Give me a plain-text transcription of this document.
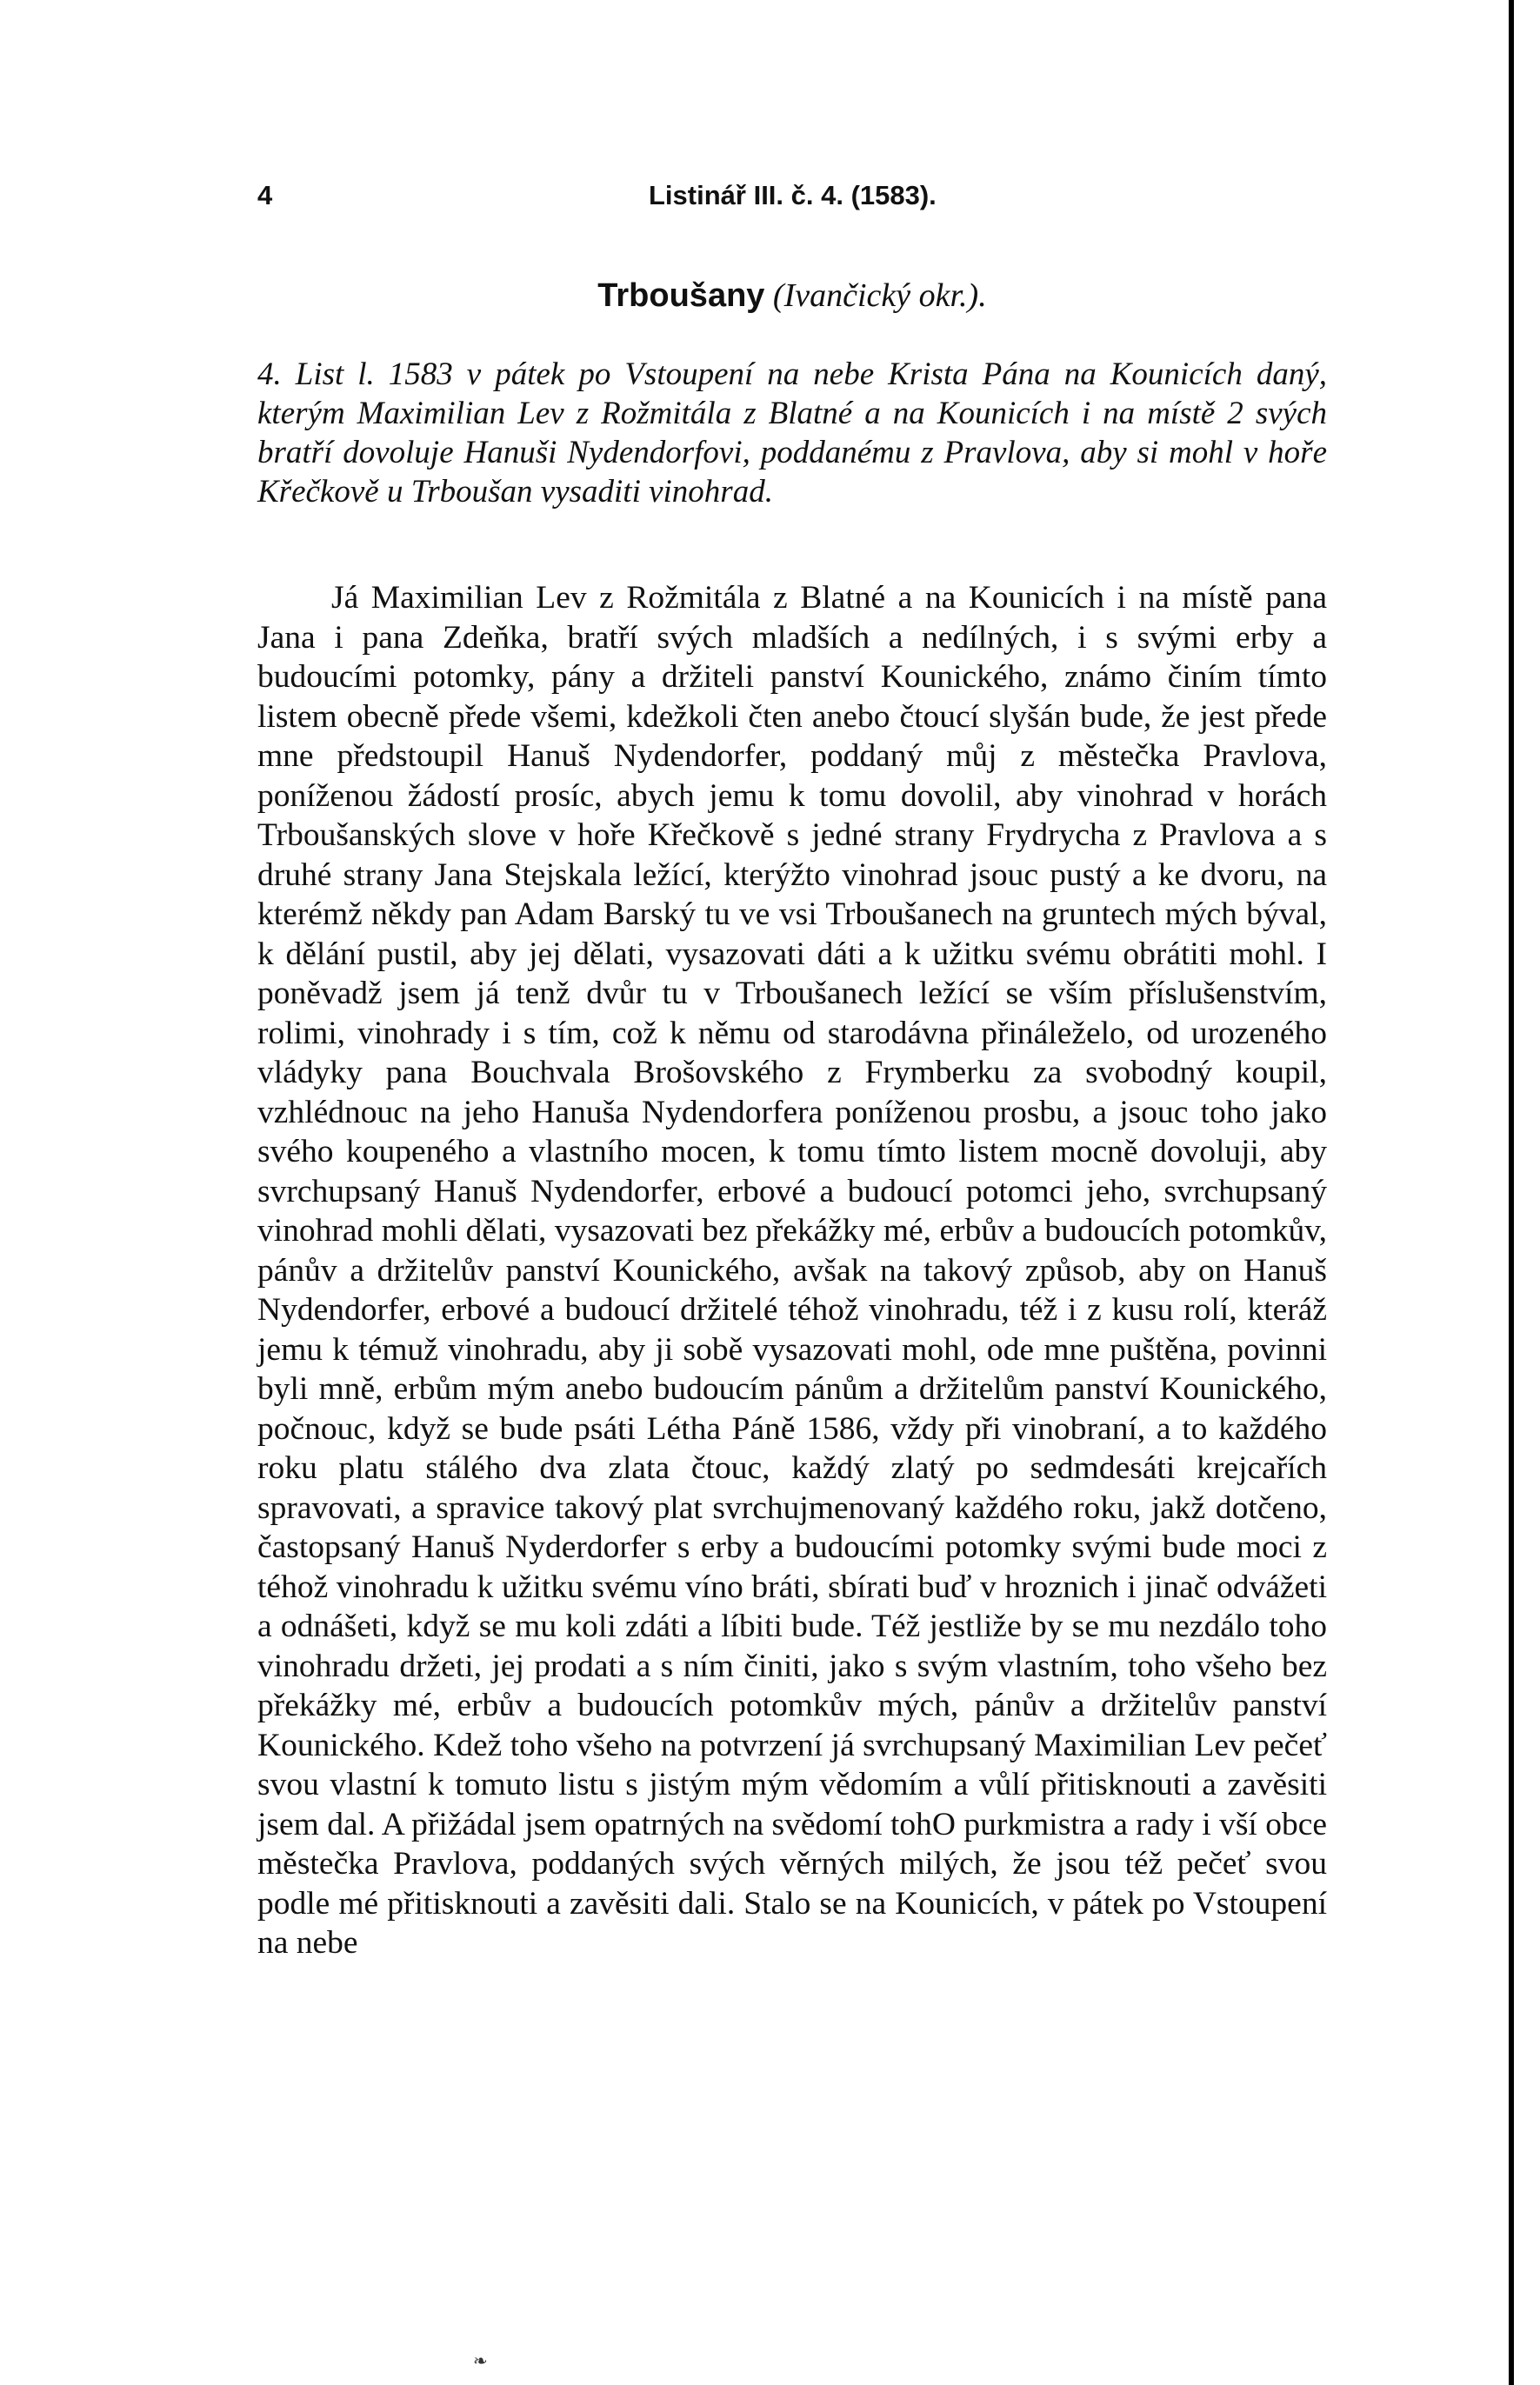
4	Listinář III. č. 4. (1583).
Trboušany (Ivančický okr.).

4. List l. 1583 v pátek po Vstoupení na nebe Krista Pána na Kounicích daný, kterým Maximilian Lev z Rožmitála z Blatné a na Kounicích i na místě 2 svých bratří dovoluje Hanuši Nydendorfovi, poddanému z Pravlova, aby si mohl v hoře Křečkově u Trboušan vysaditi vinohrad.

Já Maximilian Lev z Rožmitála z Blatné a na Kounicích i na místě pana Jana i pana Zdeňka, bratří svých mladších a nedílných, i s svými erby a budoucími potomky, pány a držiteli panství Kounického, známo činím tímto listem obecně přede všemi, kdežkoli čten anebo čtoucí slyšán bude, že jest přede mne předstoupil Hanuš Nydendorfer, poddaný můj z městečka Pravlova, poníženou žádostí prosíc, abych jemu k tomu dovolil, aby vinohrad v horách Trboušanských slove v hoře Křečkově s jedné strany Frydrycha z Pravlova a s druhé strany Jana Stejskala ležící, kterýžto vinohrad jsouc pustý a ke dvoru, na kterémž někdy pan Adam Barský tu ve vsi Trboušanech na gruntech mých býval, k dělání pustil, aby jej dělati, vysazovati dáti a k užitku svému obrátiti mohl. I poněvadž jsem já tenž dvůr tu v Trboušanech ležící se vším příslušenstvím, rolimi, vinohrady i s tím, což k němu od starodávna přináleželo, od urozeného vládyky pana Bouchvala Brošovského z Frymberku za svobodný koupil, vzhlédnouc na jeho Hanuša Nydendorfera poníženou prosbu, a jsouc toho jako svého koupeného a vlastního mocen, k tomu tímto listem mocně dovoluji, aby svrchupsaný Hanuš Nydendorfer, erbové a budoucí potomci jeho, svrchupsaný vinohrad mohli dělati, vysazovati bez překážky mé, erbův a budoucích potomkův, pánův a držitelův panství Kounického, avšak na takový způsob, aby on Hanuš Nydendorfer, erbové a budoucí držitelé téhož vinohradu, též i z kusu rolí, kteráž jemu k témuž vinohradu, aby ji sobě vysazovati mohl, ode mne puštěna, povinni byli mně, erbům mým anebo budoucím pánům a držitelům panství Kounického, počnouc, když se bude psáti Létha Páně 1586, vždy při vinobraní, a to každého roku platu stálého dva zlata čtouc, každý zlatý po sedmdesáti krejcařích spravovati, a spravice takový plat svrchujmenovaný každého roku, jakž dotčeno, častopsaný Hanuš Nyderdorfer s erby a budoucími potomky svými bude moci z téhož vinohradu k užitku svému víno bráti, sbírati buď v hroznich i jinač odvážeti a odnášeti, když se mu koli zdáti a líbiti bude. Též jestliže by se mu nezdálo toho vinohradu držeti, jej prodati a s ním činiti, jako s svým vlastním, toho všeho bez překážky mé, erbův a budoucích potomkův mých, pánův a držitelův panství Kounického. Kdež toho všeho na potvrzení já svrchupsaný Maximilian Lev pečeť svou vlastní k tomuto listu s jistým mým vědomím a vůlí přitisknouti a zavěsiti jsem dal. A přižádal jsem opatrných na svědomí tohO purkmistra a rady i vší obce městečka Pravlova, poddaných svých věrných milých, že jsou též pečeť svou podle mé přitisknouti a zavěsiti dali. Stalo se na Kounicích, v pátek po Vstoupení na nebe

❧
